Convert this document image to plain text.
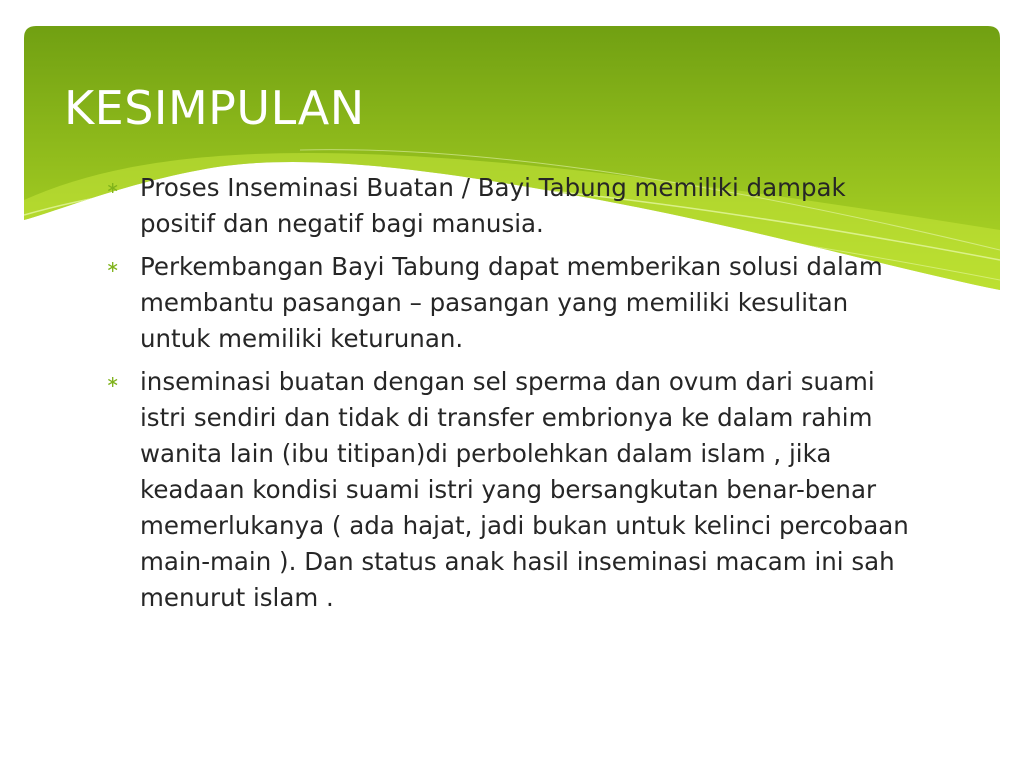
KESIMPULAN
∗ Proses Inseminasi Buatan / Bayi Tabung memiliki dampak positif dan negatif bagi manusia.
∗ Perkembangan Bayi Tabung dapat memberikan solusi dalam membantu pasangan – pasangan yang memiliki kesulitan untuk memiliki keturunan.
∗ inseminasi buatan dengan sel sperma dan ovum dari suami istri sendiri dan tidak di transfer embrionya ke dalam rahim wanita lain (ibu titipan)di perbolehkan dalam islam , jika keadaan kondisi suami istri yang bersangkutan benar-benar memerlukanya ( ada hajat, jadi bukan untuk kelinci percobaan main-main ). Dan status anak hasil inseminasi macam ini sah menurut islam .
